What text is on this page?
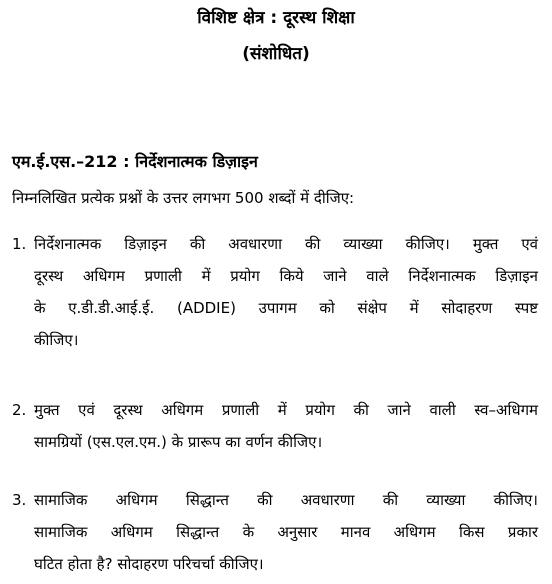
विशिष्ट क्षेत्र : दूरस्थ शिक्षा
(संशोधित)
एम.ई.एस.–212 : निर्देशनात्मक डिज़ाइन
निम्नलिखित प्रत्येक प्रश्नों के उत्तर लगभग 500 शब्दों में दीजिए:
1. निर्देशनात्मक डिज़ाइन की अवधारणा की व्याख्या कीजिए। मुक्त एवं
दूरस्थ अधिगम प्रणाली में प्रयोग किये जाने वाले निर्देशनात्मक डिज़ाइन
के ए.डी.डी.आई.ई. (ADDIE) उपागम को संक्षेप में सोदाहरण स्पष्ट
कीजिए।
2. मुक्त एवं दूरस्थ अधिगम प्रणाली में प्रयोग की जाने वाली स्व–अधिगम
सामग्रियों (एस.एल.एम.) के प्रारूप का वर्णन कीजिए।
3. सामाजिक अधिगम सिद्धान्त की अवधारणा की व्याख्या कीजिए।
सामाजिक अधिगम सिद्धान्त के अनुसार मानव अधिगम किस प्रकार
घटित होता है? सोदाहरण परिचर्चा कीजिए।
